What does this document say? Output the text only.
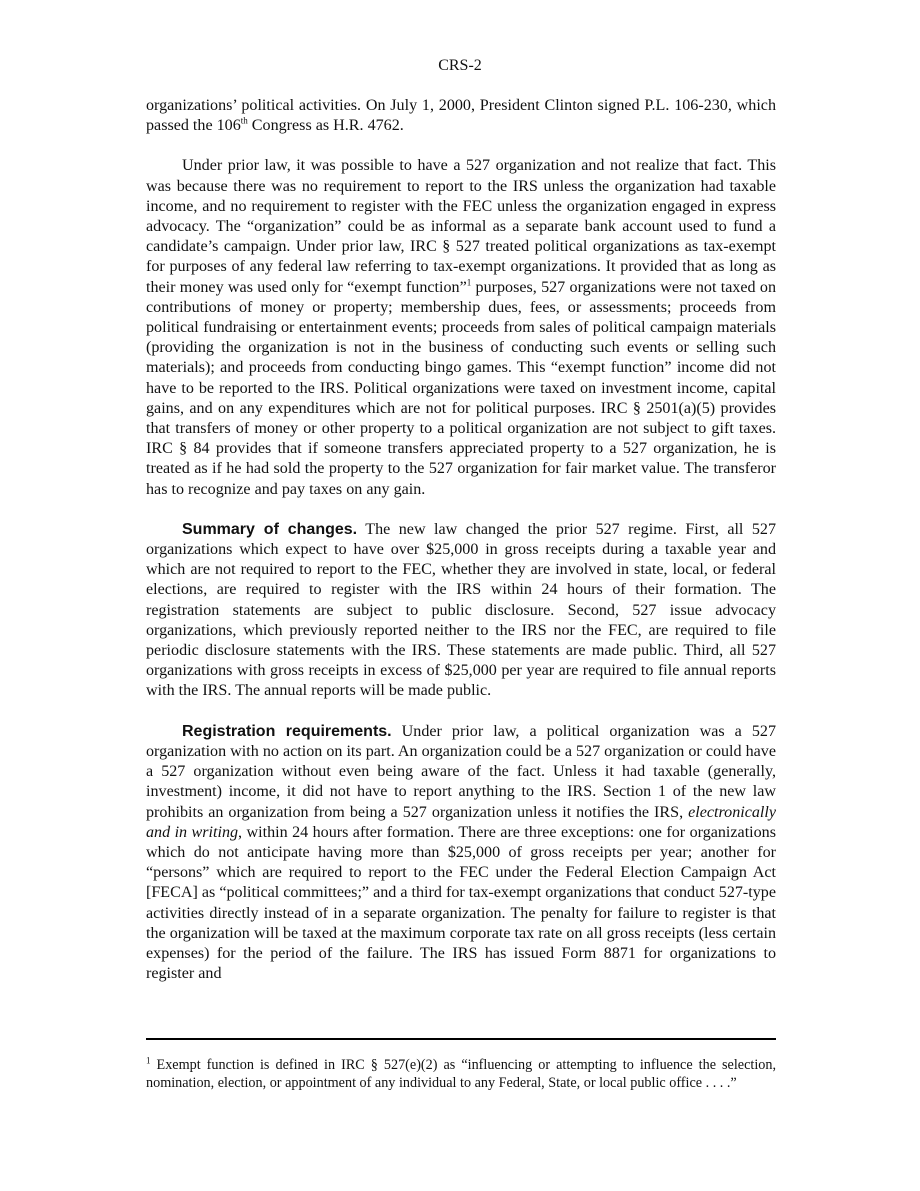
CRS-2

organizations’ political activities. On July 1, 2000, President Clinton signed P.L. 106-230, which passed the 106th Congress as H.R. 4762.

Under prior law, it was possible to have a 527 organization and not realize that fact. This was because there was no requirement to report to the IRS unless the organization had taxable income, and no requirement to register with the FEC unless the organization engaged in express advocacy. The “organization” could be as informal as a separate bank account used to fund a candidate’s campaign. Under prior law, IRC § 527 treated political organizations as tax-exempt for purposes of any federal law referring to tax-exempt organizations. It provided that as long as their money was used only for “exempt function”$^1$ purposes, 527 organizations were not taxed on contributions of money or property; membership dues, fees, or assessments; proceeds from political fundraising or entertainment events; proceeds from sales of political campaign materials (providing the organization is not in the business of conducting such events or selling such materials); and proceeds from conducting bingo games. This “exempt function” income did not have to be reported to the IRS. Political organizations were taxed on investment income, capital gains, and on any expenditures which are not for political purposes. IRC § 2501(a)(5) provides that transfers of money or other property to a political organization are not subject to gift taxes. IRC § 84 provides that if someone transfers appreciated property to a 527 organization, he is treated as if he had sold the property to the 527 organization for fair market value. The transferor has to recognize and pay taxes on any gain.

Summary of changes. The new law changed the prior 527 regime. First, all 527 organizations which expect to have over $25,000 in gross receipts during a taxable year and which are not required to report to the FEC, whether they are involved in state, local, or federal elections, are required to register with the IRS within 24 hours of their formation. The registration statements are subject to public disclosure. Second, 527 issue advocacy organizations, which previously reported neither to the IRS nor the FEC, are required to file periodic disclosure statements with the IRS. These statements are made public. Third, all 527 organizations with gross receipts in excess of $25,000 per year are required to file annual reports with the IRS. The annual reports will be made public.

Registration requirements. Under prior law, a political organization was a 527 organization with no action on its part. An organization could be a 527 organization or could have a 527 organization without even being aware of the fact. Unless it had taxable (generally, investment) income, it did not have to report anything to the IRS. Section 1 of the new law prohibits an organization from being a 527 organization unless it notifies the IRS, electronically and in writing, within 24 hours after formation. There are three exceptions: one for organizations which do not anticipate having more than $25,000 of gross receipts per year; another for “persons” which are required to report to the FEC under the Federal Election Campaign Act [FECA] as “political committees;” and a third for tax-exempt organizations that conduct 527-type activities directly instead of in a separate organization. The penalty for failure to register is that the organization will be taxed at the maximum corporate tax rate on all gross receipts (less certain expenses) for the period of the failure. The IRS has issued Form 8871 for organizations to register and

$^1$ Exempt function is defined in IRC § 527(e)(2) as “influencing or attempting to influence the selection, nomination, election, or appointment of any individual to any Federal, State, or local public office . . . .”
